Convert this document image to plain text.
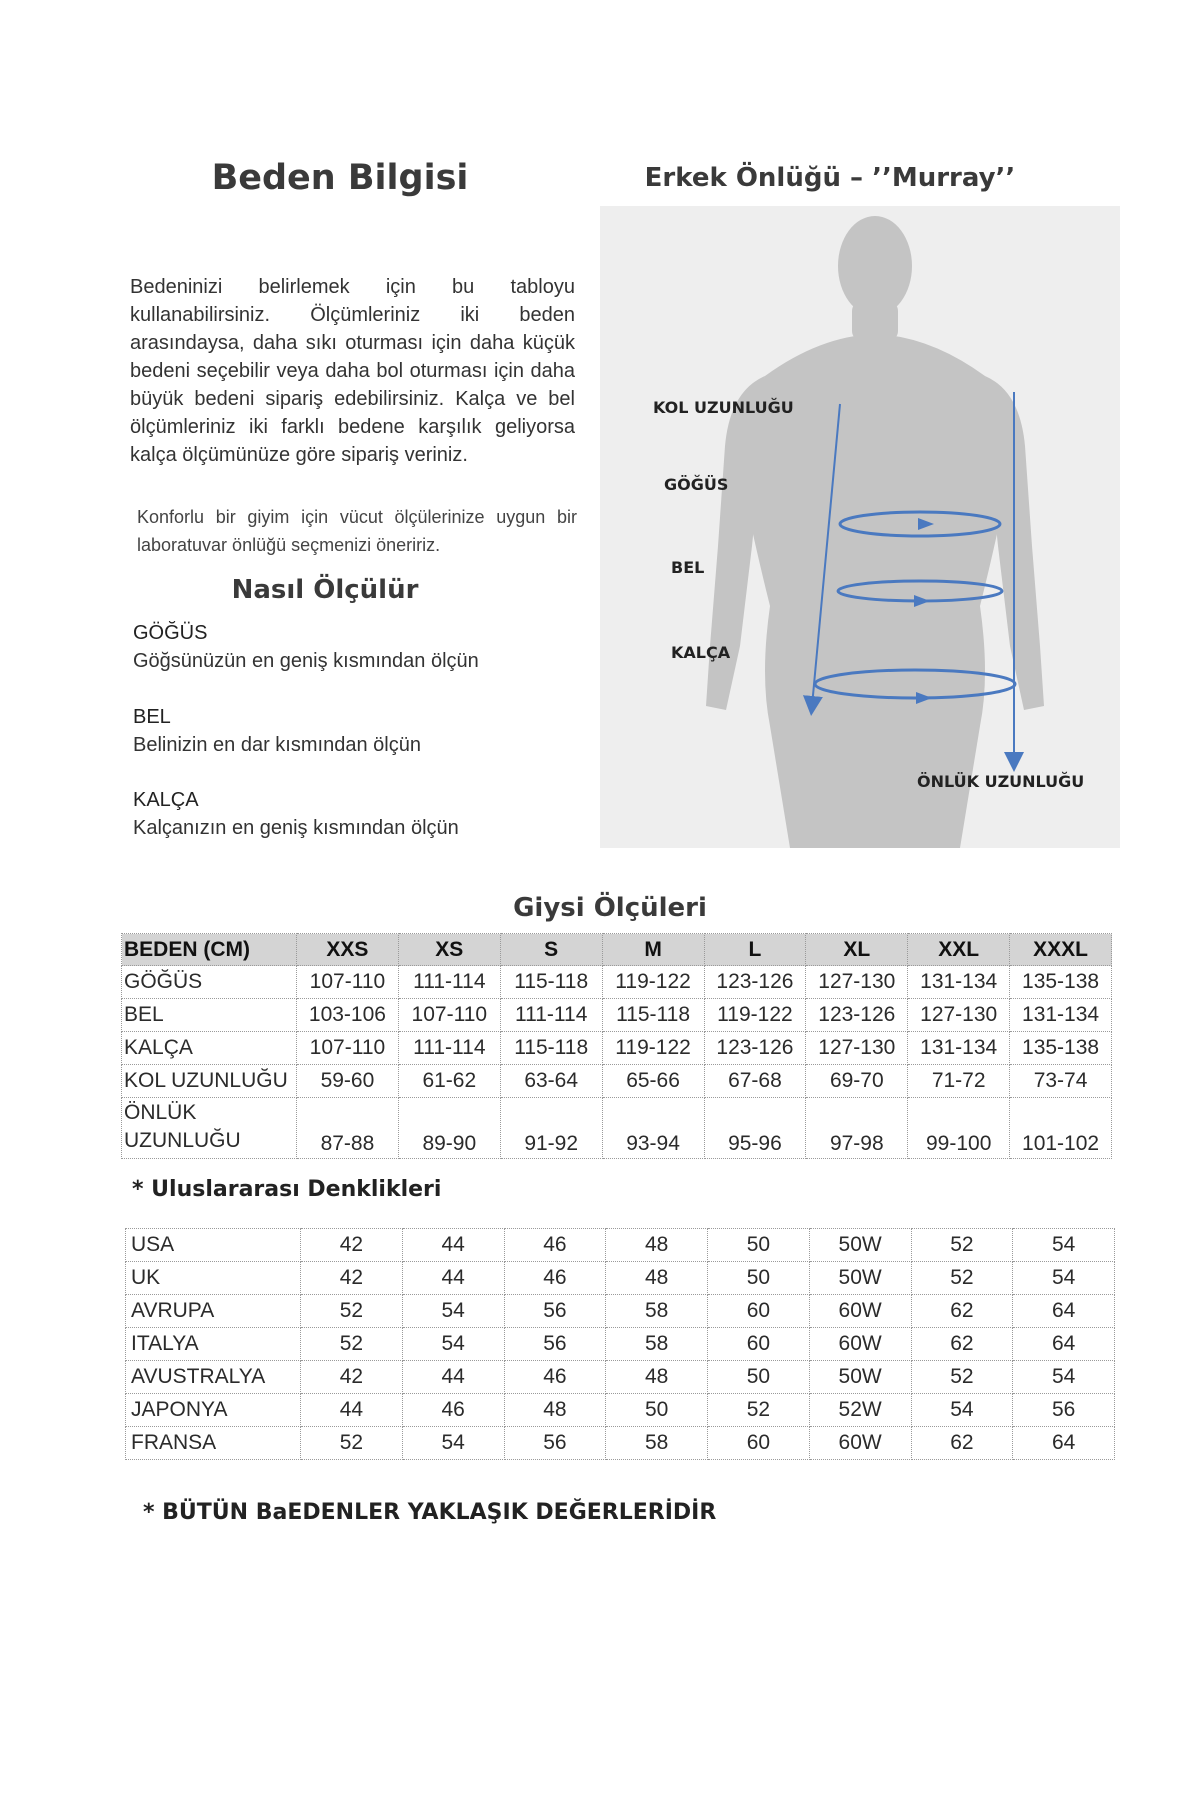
Beden Bilgisi	Erkek Önlüğü – ’’Murray’’
Bedeninizi belirlemek için bu tabloyu kullanabilirsiniz. Ölçümleriniz iki beden arasındaysa, daha sıkı oturması için daha küçük bedeni seçebilir veya daha bol oturması için daha büyük bedeni sipariş edebilirsiniz. Kalça ve bel ölçümleriniz iki farklı bedene karşılık geliyorsa kalça ölçümünüze göre sipariş veriniz.
Konforlu bir giyim için vücut ölçülerinize uygun bir laboratuvar önlüğü seçmenizi öneririz.
Nasıl Ölçülür
GÖĞÜS
Göğsünüzün en geniş kısmından ölçün
BEL
Belinizin en dar kısmından ölçün
KALÇA
Kalçanızın en geniş kısmından ölçün
KOL UZUNLUĞU
GÖĞÜS
BEL
KALÇA
ÖNLÜK UZUNLUĞU
Giysi Ölçüleri
BEDEN (CM)	XXS	XS	S	M	L	XL	XXL	XXXL
GÖĞÜS	107-110	111-114	115-118	119-122	123-126	127-130	131-134	135-138
BEL	103-106	107-110	111-114	115-118	119-122	123-126	127-130	131-134
KALÇA	107-110	111-114	115-118	119-122	123-126	127-130	131-134	135-138
KOL UZUNLUĞU	59-60	61-62	63-64	65-66	67-68	69-70	71-72	73-74

ÖNLÜK
UZUNLUĞU	87-88	89-90	91-92	93-94	95-96	97-98	99-100	101-102
* Uluslararası Denklikleri
USA	42	44	46	48	50	50W	52	54
UK	42	44	46	48	50	50W	52	54
AVRUPA	52	54	56	58	60	60W	62	64
ITALYA	52	54	56	58	60	60W	62	64
AVUSTRALYA	42	44	46	48	50	50W	52	54
JAPONYA	44	46	48	50	52	52W	54	56
FRANSA	52	54	56	58	60	60W	62	64
* BÜTÜN BaEDENLER YAKLAŞIK DEĞERLERİDİR
